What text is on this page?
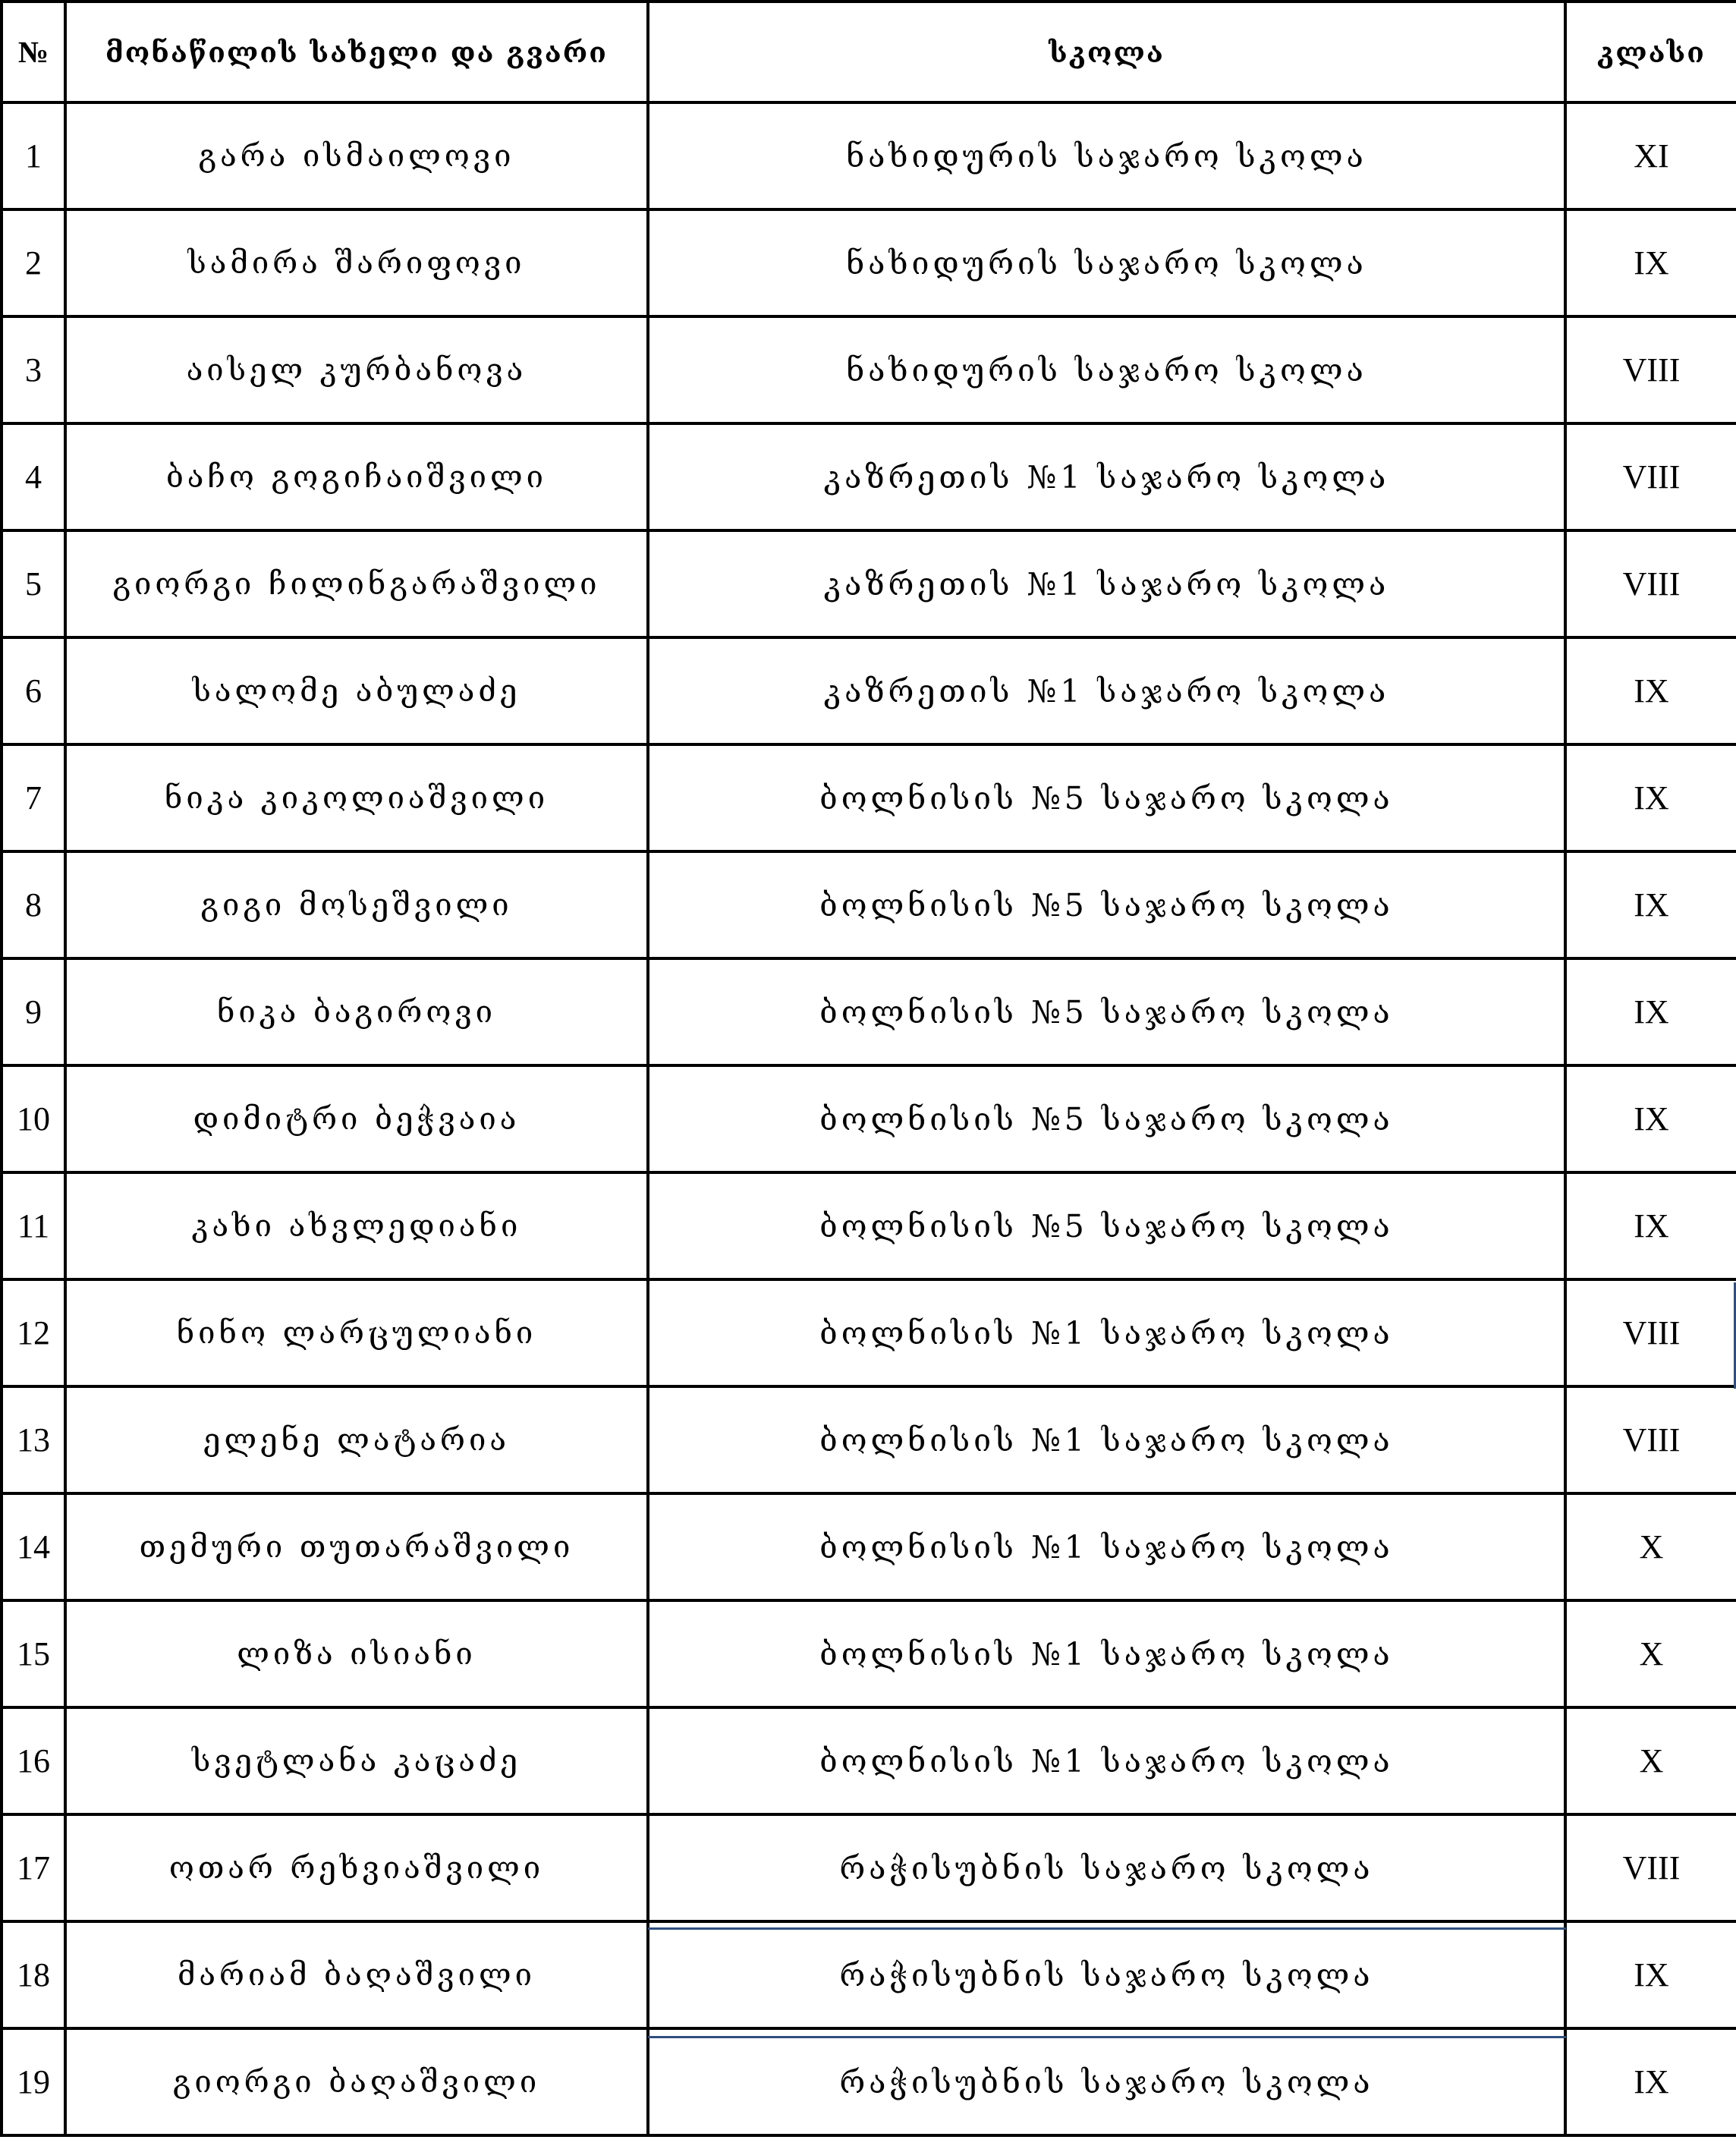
№	მონაწილის სახელი და გვარი	სკოლა	კლასი
1	გარა ისმაილოვი	ნახიდურის საჯარო სკოლა	XI
2	სამირა შარიფოვი	ნახიდურის საჯარო სკოლა	IX
3	აისელ კურბანოვა	ნახიდურის საჯარო სკოლა	VIII
4	ბაჩო გოგიჩაიშვილი	კაზრეთის №1 საჯარო სკოლა	VIII
5	გიორგი ჩილინგარაშვილი	კაზრეთის №1 საჯარო სკოლა	VIII
6	სალომე აბულაძე	კაზრეთის №1 საჯარო სკოლა	IX
7	ნიკა კიკოლიაშვილი	ბოლნისის №5 საჯარო სკოლა	IX
8	გიგი მოსეშვილი	ბოლნისის №5 საჯარო სკოლა	IX
9	ნიკა ბაგიროვი	ბოლნისის №5 საჯარო სკოლა	IX
10	დიმიტრი ბეჭვაია	ბოლნისის №5 საჯარო სკოლა	IX
11	კახი ახვლედიანი	ბოლნისის №5 საჯარო სკოლა	IX
12	ნინო ლარცულიანი	ბოლნისის №1 საჯარო სკოლა	VIII
13	ელენე ლატარია	ბოლნისის №1 საჯარო სკოლა	VIII
14	თემური თუთარაშვილი	ბოლნისის №1 საჯარო სკოლა	X
15	ლიზა ისიანი	ბოლნისის №1 საჯარო სკოლა	X
16	სვეტლანა კაცაძე	ბოლნისის №1 საჯარო სკოლა	X
17	ოთარ რეხვიაშვილი	რაჭისუბნის საჯარო სკოლა	VIII
18	მარიამ ბაღაშვილი	რაჭისუბნის საჯარო სკოლა	IX
19	გიორგი ბაღაშვილი	რაჭისუბნის საჯარო სკოლა	IX
